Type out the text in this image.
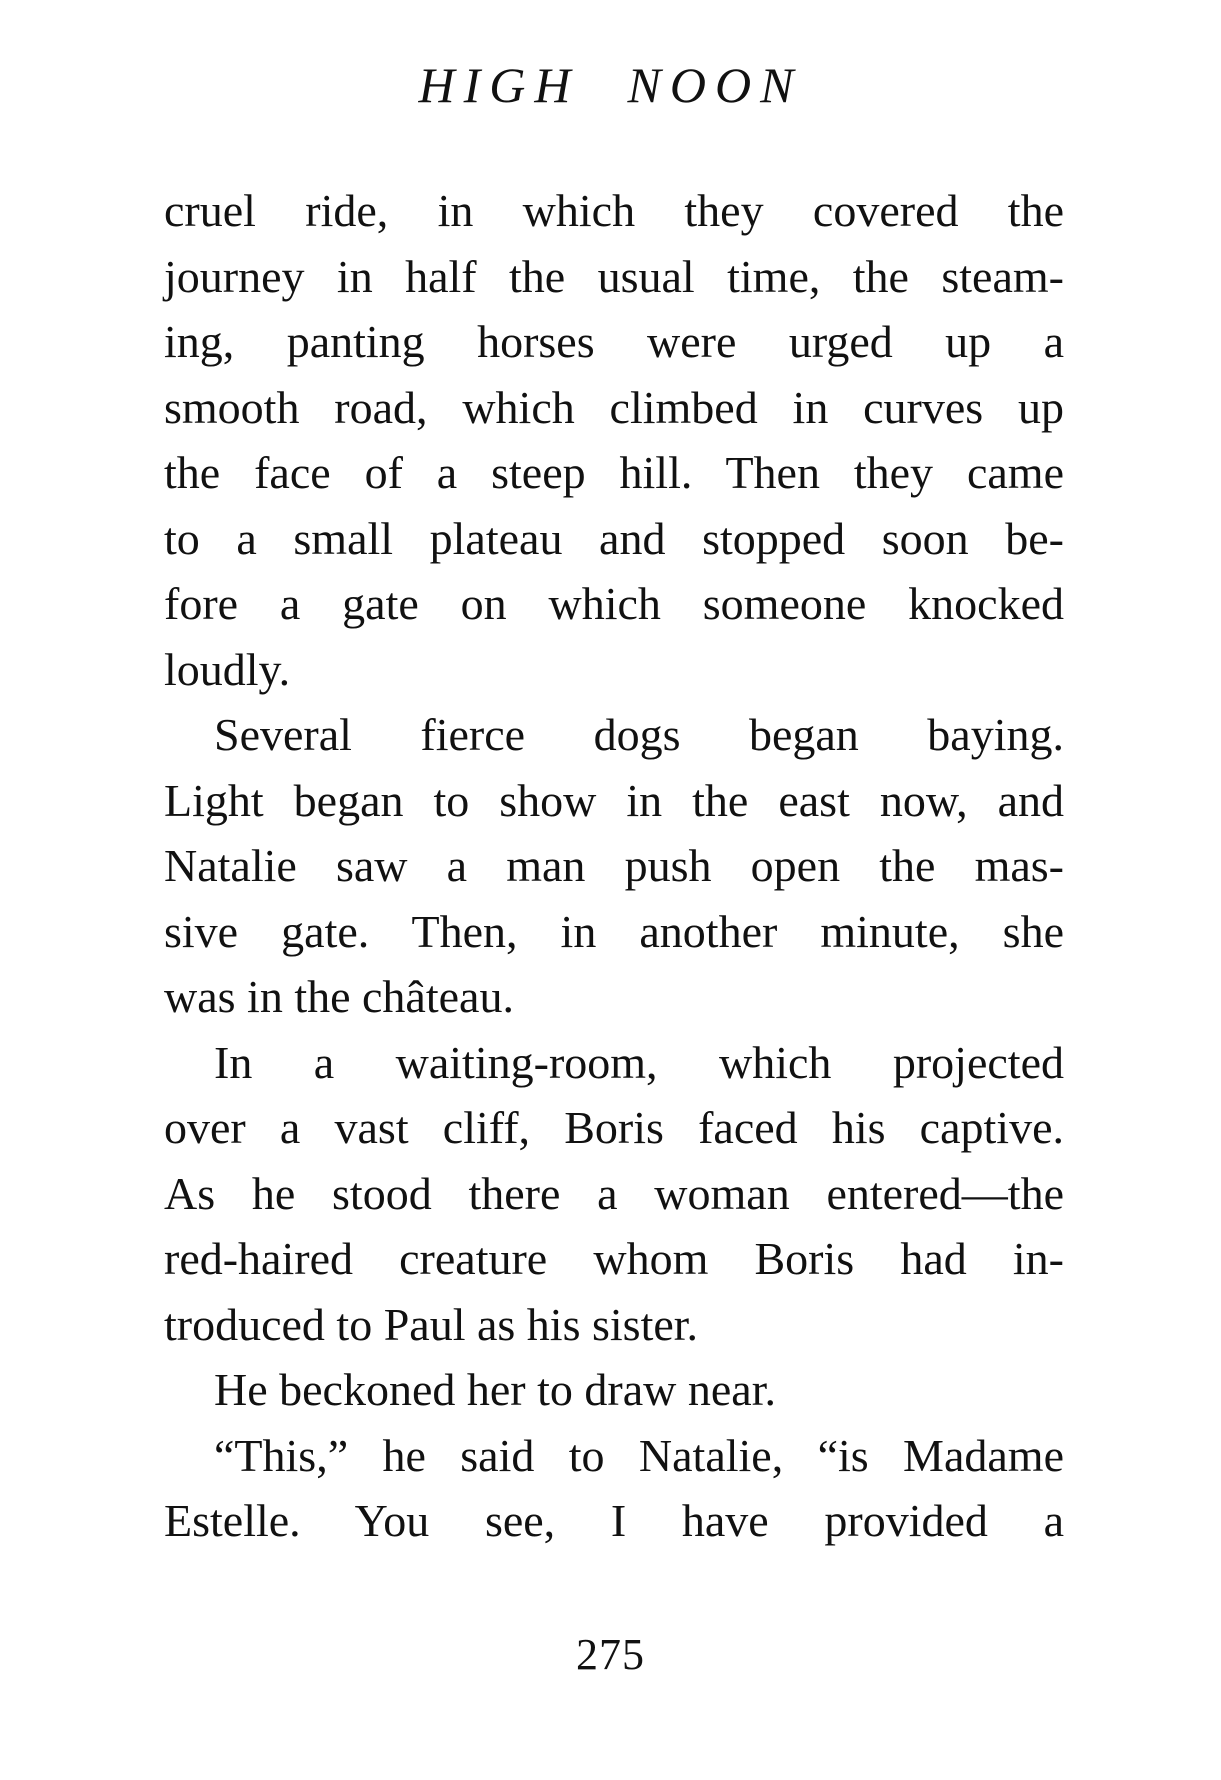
HIGH NOON
cruel ride, in which they covered the
journey in half the usual time, the steam-
ing, panting horses were urged up a
smooth road, which climbed in curves up
the face of a steep hill. Then they came
to a small plateau and stopped soon be-
fore a gate on which someone knocked
loudly.
Several fierce dogs began baying.
Light began to show in the east now, and
Natalie saw a man push open the mas-
sive gate. Then, in another minute, she
was in the château.
In a waiting-room, which projected
over a vast cliff, Boris faced his captive.
As he stood there a woman entered—the
red-haired creature whom Boris had in-
troduced to Paul as his sister.
He beckoned her to draw near.
“This,” he said to Natalie, “is Madame
Estelle. You see, I have provided a
275
